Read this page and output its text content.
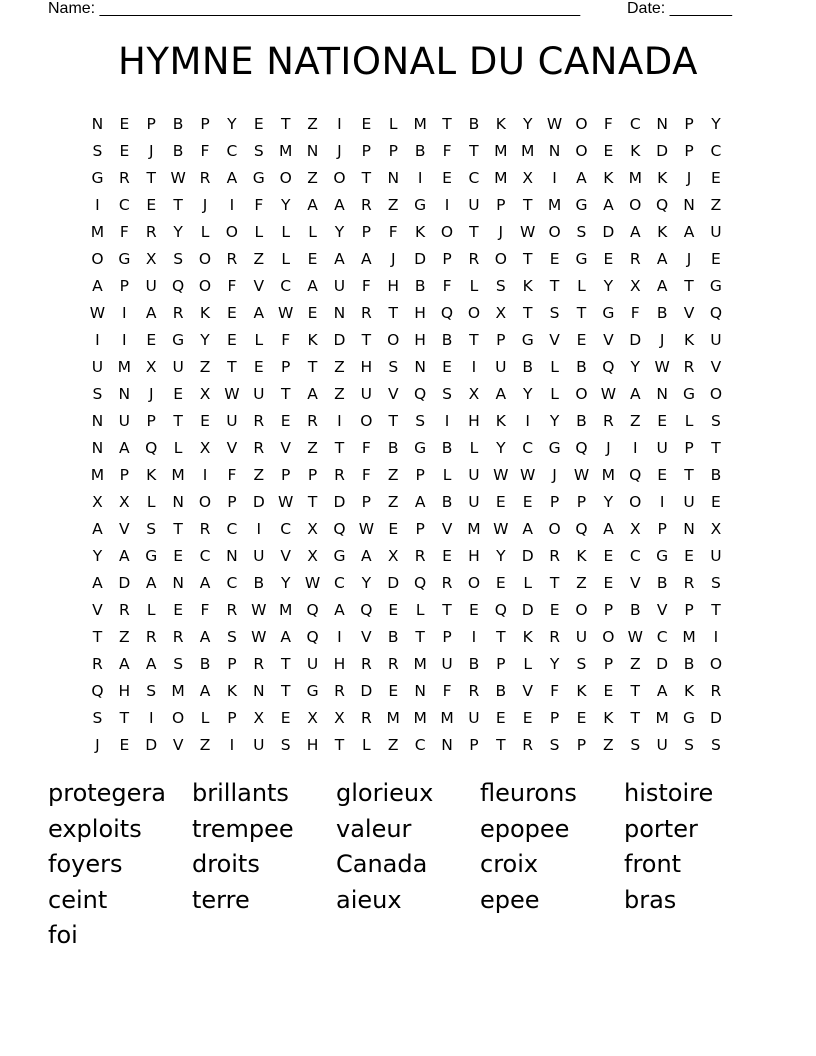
Name: ______________________________________________________	Date: _______
HYMNE NATIONAL DU CANADA
N	E	P	B	P	Y	E	T	Z	I	E	L	M T	B	K	Y W O	F	C	N	P	Y
S	E	J	B	F	C	S M N	J	P	P	B	F	T M M N O	E	K	D	P	C
G R	T W R	A	G O Z O	T	N	I	E	C M X	I	A	K M K	J	E
I	C	E	T	J	I	F	Y	A	A	R	Z	G	I	U	P	T M G	A O Q N	Z
M	F	R	Y	L	O	L	L	L	Y	P	F	K	O	T	J	W O	S	D	A	K	A	U
O G	X	S	O R	Z	L	E	A	A	J	D	P	R O	T	E	G	E	R	A	J	E
A	P	U Q O	F	V	C	A	U	F	H	B	F	L	S	K	T	L	Y	X	A	T	G
W	I	A	R	K	E	A W E	N	R	T	H Q O X	T	S	T	G	F	B	V Q
I	I	E	G	Y	E	L	F	K	D	T	O H	B	T	P	G	V	E	V	D	J	K	U
U M X	U	Z	T	E	P	T	Z	H	S	N	E	I	U	B	L	B Q	Y W R	V
S	N	J	E	X W U	T	A	Z	U	V Q	S	X	A	Y	L	O W A	N G O
N U	P	T	E	U	R	E	R	I	O	T	S	I	H	K	I	Y	B	R	Z	E	L	S
N	A Q	L	X	V	R	V	Z	T	F	B	G	B	L	Y	C G Q	J	I	U	P	T
M	P	K M	I	F	Z	P	P	R	F	Z	P	L	U W W	J	W M Q	E	T	B
X	X	L	N O	P	D W T	D	P	Z	A	B	U	E	E	P	P	Y	O	I	U	E
A	V	S	T	R	C	I	C	X Q W E	P	V M W A O Q A	X	P	N	X
Y	A	G	E	C	N U	V	X	G	A	X	R	E	H	Y	D	R	K	E	C G	E	U
A	D	A	N	A	C	B	Y W C	Y	D Q R O	E	L	T	Z	E	V	B	R	S
V	R	L	E	F	R W M Q A Q	E	L	T	E	Q D	E	O	P	B	V	P	T
T	Z	R	R	A	S W A Q	I	V	B	T	P	I	T	K	R	U O W C M	I
R	A	A	S	B	P	R	T	U H	R	R M U	B	P	L	Y	S	P	Z	D	B O
Q H	S M A	K	N	T	G R	D	E	N	F	R	B	V	F	K	E	T	A	K	R
S	T	I	O	L	P	X	E	X	X	R M M M U	E	E	P	E	K	T M G D
J	E	D	V	Z	I	U	S	H	T	L	Z	C	N	P	T	R	S	P	Z	S	U	S	S
protegera	brillants	glorieux	fleurons	histoire
exploits	trempee	valeur	epopee	porter
foyers	droits	Canada	croix	front
ceint	terre	aieux	epee	bras
foi
